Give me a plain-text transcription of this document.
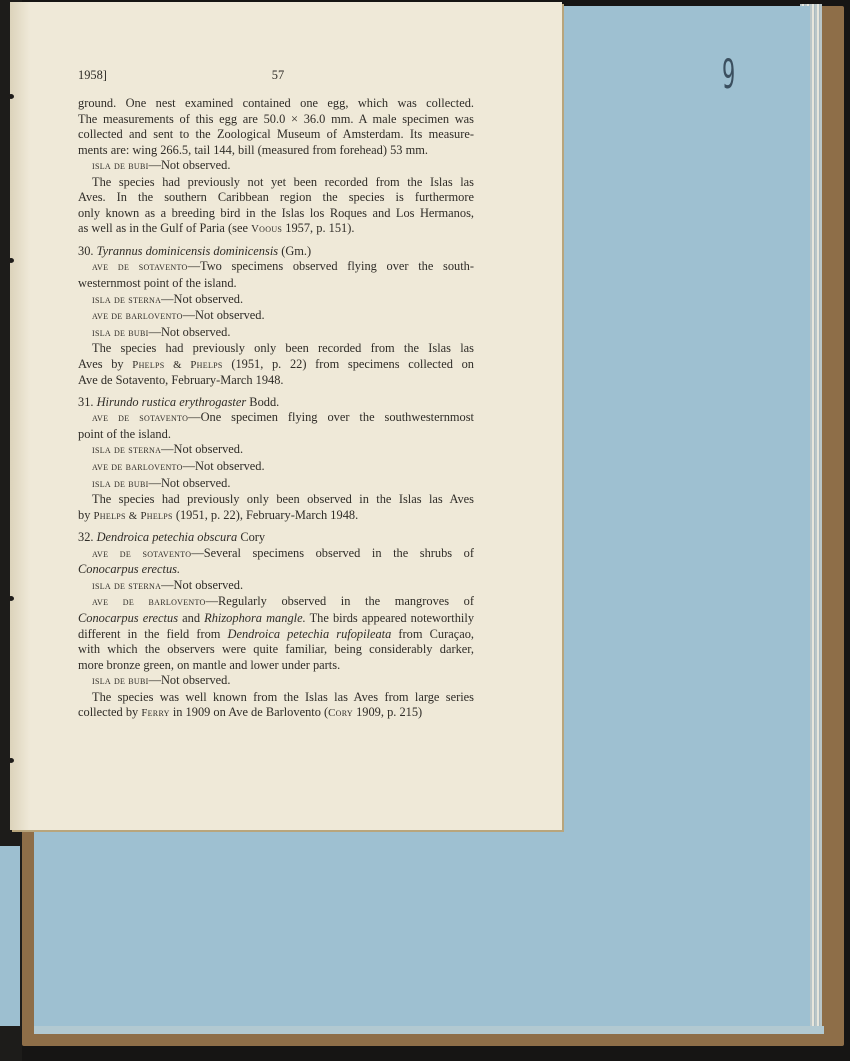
9
1958]	57

ground. One nest examined contained one egg, which was collected.

The measurements of this egg are 50.0 × 36.0 mm. A male specimen was

collected and sent to the Zoological Museum of Amsterdam. Its measure-

ments are: wing 266.5, tail 144, bill (measured from forehead) 53 mm.

isla de bubi—Not observed.

The species had previously not yet been recorded from the Islas las

Aves. In the southern Caribbean region the species is furthermore

only known as a breeding bird in the Islas los Roques and Los Hermanos,

as well as in the Gulf of Paria (see Voous 1957, p. 151).

30. Tyrannus dominicensis dominicensis (Gm.)

ave de sotavento—Two specimens observed flying over the south-

westernmost point of the island.

isla de sterna—Not observed.

ave de barlovento—Not observed.

isla de bubi—Not observed.

The species had previously only been recorded from the Islas las

Aves by Phelps & Phelps (1951, p. 22) from specimens collected on

Ave de Sotavento, February-March 1948.

31. Hirundo rustica erythrogaster Bodd.

ave de sotavento—One specimen flying over the southwesternmost

point of the island.

isla de sterna—Not observed.

ave de barlovento—Not observed.

isla de bubi—Not observed.

The species had previously only been observed in the Islas las Aves

by Phelps & Phelps (1951, p. 22), February-March 1948.

32. Dendroica petechia obscura Cory

ave de sotavento—Several specimens observed in the shrubs of

Conocarpus erectus.

isla de sterna—Not observed.

ave de barlovento—Regularly observed in the mangroves of

Conocarpus erectus and Rhizophora mangle. The birds appeared noteworthily

different in the field from Dendroica petechia rufopileata from Curaçao,

with which the observers were quite familiar, being considerably darker,

more bronze green, on mantle and lower under parts.

isla de bubi—Not observed.

The species was well known from the Islas las Aves from large series

collected by Ferry in 1909 on Ave de Barlovento (Cory 1909, p. 215)
